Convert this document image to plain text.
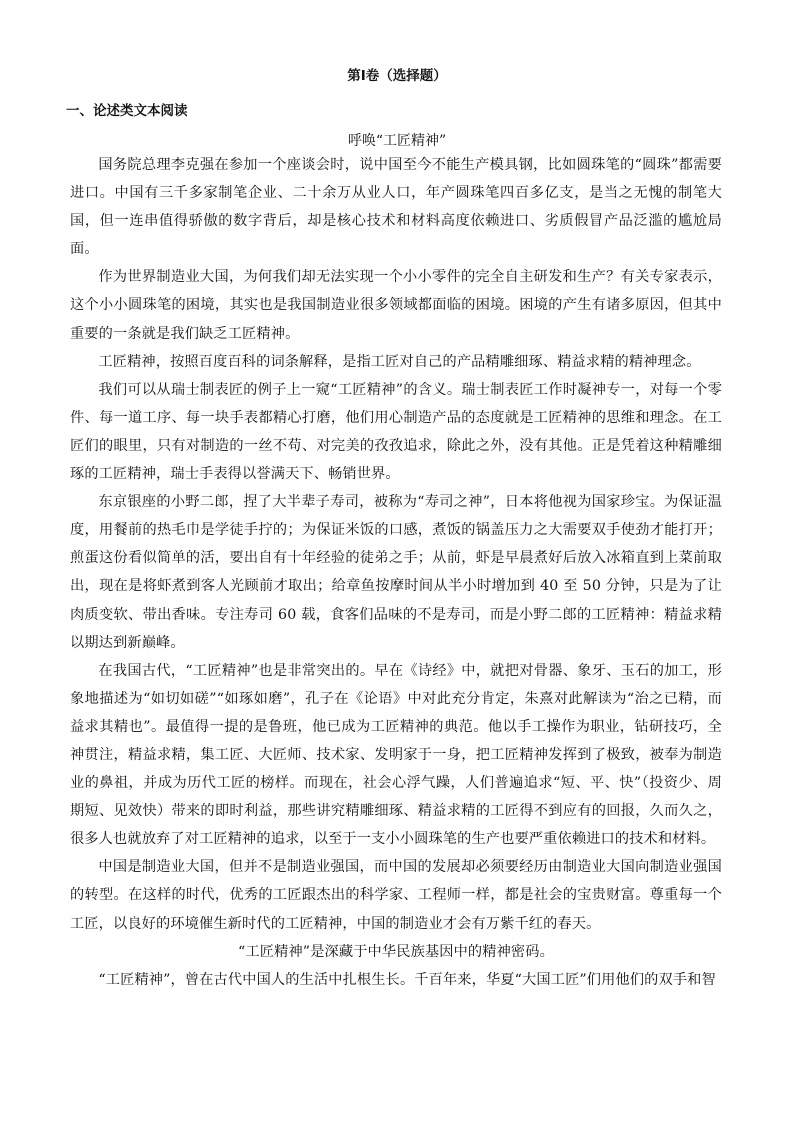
第Ⅰ卷（选择题）
一、论述类文本阅读
呼唤“工匠精神”

国务院总理李克强在参加一个座谈会时，说中国至今不能生产模具钢，比如圆珠笔的“圆珠”都需要进口。中国有三千多家制笔企业、二十余万从业人口，年产圆珠笔四百多亿支，是当之无愧的制笔大国，但一连串值得骄傲的数字背后，却是核心技术和材料高度依赖进口、劣质假冒产品泛滥的尴尬局面。

作为世界制造业大国，为何我们却无法实现一个小小零件的完全自主研发和生产？有关专家表示，这个小小圆珠笔的困境，其实也是我国制造业很多领域都面临的困境。困境的产生有诸多原因，但其中重要的一条就是我们缺乏工匠精神。

工匠精神，按照百度百科的词条解释，是指工匠对自己的产品精雕细琢、精益求精的精神理念。

我们可以从瑞士制表匠的例子上一窥“工匠精神”的含义。瑞士制表匠工作时凝神专一，对每一个零件、每一道工序、每一块手表都精心打磨，他们用心制造产品的态度就是工匠精神的思维和理念。在工匠们的眼里，只有对制造的一丝不苟、对完美的孜孜追求，除此之外，没有其他。正是凭着这种精雕细琢的工匠精神，瑞士手表得以誉满天下、畅销世界。

东京银座的小野二郎，捏了大半辈子寿司，被称为“寿司之神”，日本将他视为国家珍宝。为保证温度，用餐前的热毛巾是学徒手拧的；为保证米饭的口感，煮饭的锅盖压力之大需要双手使劲才能打开；煎蛋这份看似简单的活，要出自有十年经验的徒弟之手；从前，虾是早晨煮好后放入冰箱直到上菜前取出，现在是将虾煮到客人光顾前才取出；给章鱼按摩时间从半小时增加到 40 至 50 分钟，只是为了让肉质变软、带出香味。专注寿司 60 载，食客们品味的不是寿司，而是小野二郎的工匠精神：精益求精以期达到新巅峰。

在我国古代，“工匠精神”也是非常突出的。早在《诗经》中，就把对骨器、象牙、玉石的加工，形象地描述为“如切如磋”“如琢如磨”，孔子在《论语》中对此充分肯定，朱熹对此解读为“治之已精，而益求其精也”。最值得一提的是鲁班，他已成为工匠精神的典范。他以手工操作为职业，钻研技巧，全神贯注，精益求精，集工匠、大匠师、技术家、发明家于一身，把工匠精神发挥到了极致，被奉为制造业的鼻祖，并成为历代工匠的榜样。而现在，社会心浮气躁，人们普遍追求“短、平、快”（投资少、周期短、见效快）带来的即时利益，那些讲究精雕细琢、精益求精的工匠得不到应有的回报，久而久之，很多人也就放弃了对工匠精神的追求，以至于一支小小圆珠笔的生产也要严重依赖进口的技术和材料。

中国是制造业大国，但并不是制造业强国，而中国的发展却必须要经历由制造业大国向制造业强国的转型。在这样的时代，优秀的工匠跟杰出的科学家、工程师一样，都是社会的宝贵财富。尊重每一个工匠，以良好的环境催生新时代的工匠精神，中国的制造业才会有万紫千红的春天。

“工匠精神”是深藏于中华民族基因中的精神密码。

“工匠精神”，曾在古代中国人的生活中扎根生长。千百年来，华夏“大国工匠”们用他们的双手和智
